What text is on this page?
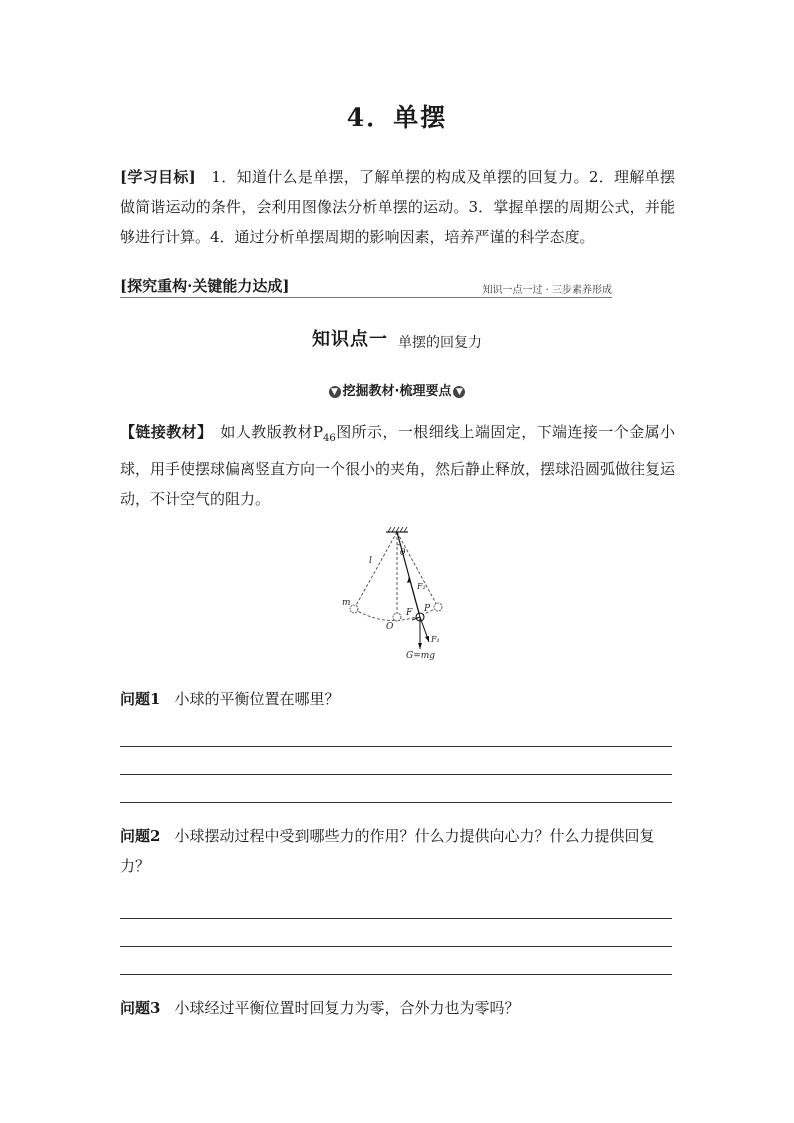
4．单摆
[学习目标]　1．知道什么是单摆，了解单摆的构成及单摆的回复力。2．理解单摆做简谐运动的条件，会利用图像法分析单摆的运动。3．掌握单摆的周期公式，并能够进行计算。4．通过分析单摆周期的影响因素，培养严谨的科学态度。
[探究重构·关键能力达成]	知识一点一过 · 三步素养形成
知识点一 单摆的回复力
▼ 挖掘教材·梳理要点 ▼
【链接教材】　如人教版教材$P_{46}$图所示，一根细线上端固定，下端连接一个金属小球，用手使摆球偏离竖直方向一个很小的夹角，然后静止释放，摆球沿圆弧做往复运动，不计空气的阻力。
θ
l
m
O
F P
F₂
F₁
G=mg
问题1 小球的平衡位置在哪里？
问题2 小球摆动过程中受到哪些力的作用？什么力提供向心力？什么力提供回复力？
问题3 小球经过平衡位置时回复力为零，合外力也为零吗？
